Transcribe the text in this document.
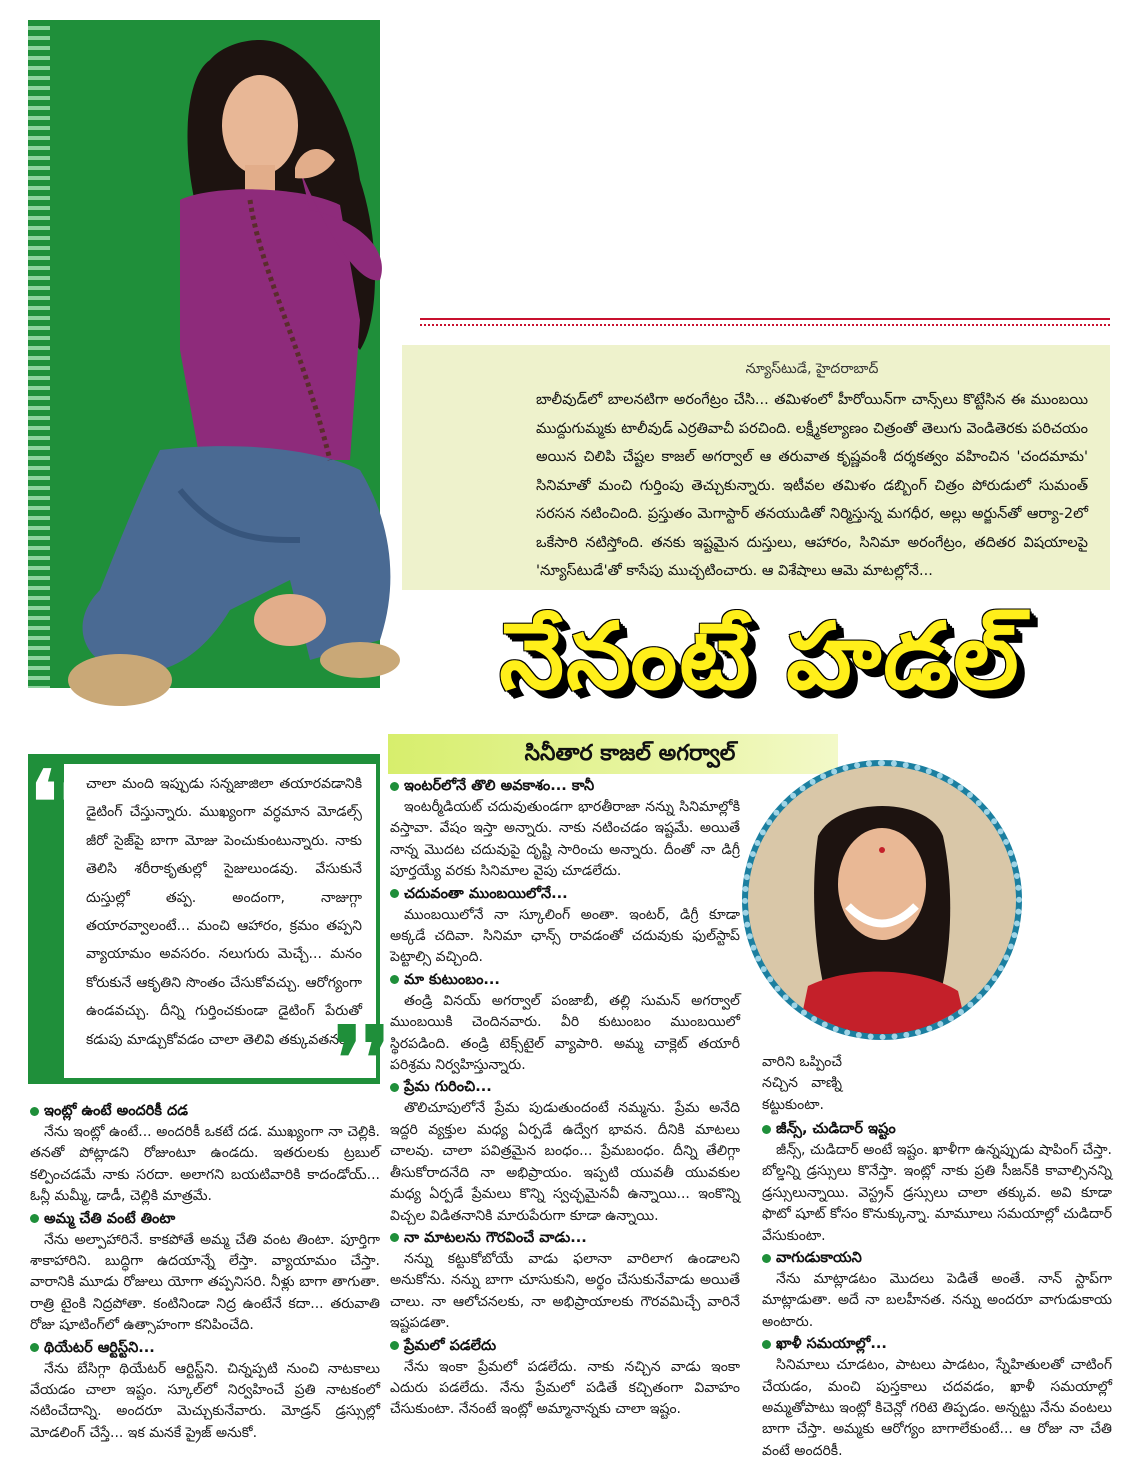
న్యూస్‌టుడే, హైదరాబాద్
బాలీవుడ్‌లో బాలనటిగా అరంగేట్రం చేసి... తమిళంలో హీరోయిన్‌గా చాన్స్‌లు కొట్టేసిన ఈ ముంబయి ముద్దుగుమ్మకు టాలీవుడ్ ఎర్రతివాచీ పరచింది. లక్ష్మీకల్యాణం చిత్రంతో తెలుగు వెండితెరకు పరిచయం అయిన చిలిపి చేష్టల కాజల్ అగర్వాల్ ఆ తరువాత కృష్ణవంశీ దర్శకత్వం వహించిన 'చందమామ' సినిమాతో మంచి గుర్తింపు తెచ్చుకున్నారు. ఇటీవల తమిళం డబ్బింగ్ చిత్రం పోరుడులో సుమంత్ సరసన నటించింది. ప్రస్తుతం మెగాస్టార్ తనయుడితో నిర్మిస్తున్న మగధీర, అల్లు అర్జున్‌తో ఆర్యా-2లో ఒకేసారి నటిస్తోంది. తనకు ఇష్టమైన దుస్తులు, ఆహారం, సినిమా అరంగేట్రం, తదితర విషయాలపై 'న్యూస్‌టుడే'తో కాసేపు ముచ్చటించారు. ఆ విశేషాలు ఆమె మాటల్లోనే...
నేనంటే హడల్
సినీతార కాజల్ అగర్వాల్
చాలా మంది ఇప్పుడు సన్నజాజిలా తయారవడానికి డైటింగ్ చేస్తున్నారు. ముఖ్యంగా వర్ధమాన మోడల్స్ జీరో సైజ్‌పై బాగా మోజు పెంచుకుంటున్నారు. నాకు తెలిసి శరీరాకృతుల్లో సైజులుండవు. వేసుకునే దుస్తుల్లో తప్ప. అందంగా, నాజుగ్గా తయారవ్వాలంటే... మంచి ఆహారం, క్రమం తప్పని వ్యాయామం అవసరం. నలుగురు మెచ్చే... మనం కోరుకునే ఆకృతిని సొంతం చేసుకోవచ్చు. ఆరోగ్యంగా ఉండవచ్చు. దీన్ని గుర్తించకుండా డైటింగ్ పేరుతో కడుపు మాడ్చుకోవడం చాలా తెలివి తక్కువతనం.
❛❛
❜❜
ఇంటర్‌లోనే తొలి అవకాశం... కానీ
ఇంటర్మీడియట్ చదువుతుండగా భారతీరాజా నన్ను సినిమాల్లోకి వస్తావా. వేషం ఇస్తా అన్నారు. నాకు నటించడం ఇష్టమే. అయితే నాన్న మొదట చదువుపై దృష్టి సారించు అన్నారు. దీంతో నా డిగ్రీ పూర్తయ్యే వరకు సినిమాల వైపు చూడలేదు.
చదువంతా ముంబయిలోనే...
ముంబయిలోనే నా స్కూలింగ్ అంతా. ఇంటర్, డిగ్రీ కూడా అక్కడే చదివా. సినిమా ఛాన్స్ రావడంతో చదువుకు ఫుల్‌స్టాప్ పెట్టాల్సి వచ్చింది.
మా కుటుంబం...
తండ్రి వినయ్ అగర్వాల్ పంజాబీ, తల్లి సుమన్ అగర్వాల్ ముంబయికి చెందినవారు. వీరి కుటుంబం ముంబయిలో స్థిరపడింది. తండ్రి టెక్స్‌టైల్ వ్యాపారి. అమ్మ చాక్లెట్ తయారీ పరిశ్రమ నిర్వహిస్తున్నారు.
ప్రేమ గురించి...
తొలిచూపులోనే ప్రేమ పుడుతుందంటే నమ్మను. ప్రేమ అనేది ఇద్దరి వ్యక్తుల మధ్య ఏర్పడే ఉద్వేగ భావన. దీనికి మాటలు చాలవు. చాలా పవిత్రమైన బంధం... ప్రేమబంధం. దీన్ని తేలిగ్గా తీసుకోరాదనేది నా అభిప్రాయం. ఇప్పటి యువతీ యువకుల మధ్య ఏర్పడే ప్రేమలు కొన్ని స్వచ్ఛమైనవీ ఉన్నాయి... ఇంకొన్ని విచ్చల విడితనానికి మారుపేరుగా కూడా ఉన్నాయి.
నా మాటలను గౌరవించే వాడు...
నన్ను కట్టుకోబోయే వాడు ఫలానా వారిలాగ ఉండాలని అనుకోను. నన్ను బాగా చూసుకుని, అర్థం చేసుకునేవాడు అయితే చాలు. నా ఆలోచనలకు, నా అభిప్రాయాలకు గౌరవమిచ్చే వారినే ఇష్టపడతా.
ప్రేమలో పడలేదు
నేను ఇంకా ప్రేమలో పడలేదు. నాకు నచ్చిన వాడు ఇంకా ఎదురు పడలేదు. నేను ప్రేమలో పడితే కచ్చితంగా వివాహం చేసుకుంటా. నేనంటే ఇంట్లో అమ్మానాన్నకు చాలా ఇష్టం.
ఇంట్లో ఉంటే అందరికీ దడ
నేను ఇంట్లో ఉంటే... అందరికీ ఒకటే దడ. ముఖ్యంగా నా చెల్లికి. తనతో పోట్లాడని రోజుంటూ ఉండదు. ఇతరులకు ట్రబుల్ కల్పించడమే నాకు సరదా. అలాగని బయటివారికి కాదండోయ్... ఓన్లీ మమ్మీ, డాడీ, చెల్లికి మాత్రమే.
అమ్మ చేతి వంటే తింటా
నేను అల్పాహారినే. కాకపోతే అమ్మ చేతి వంట తింటా. పూర్తిగా శాకాహారిని. బుద్ధిగా ఉదయాన్నే లేస్తా. వ్యాయామం చేస్తా. వారానికి మూడు రోజులు యోగా తప్పనిసరి. నీళ్లు బాగా తాగుతా. రాత్రి టైంకి నిద్రపోతా. కంటినిండా నిద్ర ఉంటేనే కదా... తరువాతి రోజు షూటింగ్‌లో ఉత్సాహంగా కనిపించేది.
థియేటర్ ఆర్టిస్ట్‌ని...
నేను బేసిగ్గా థియేటర్ ఆర్టిస్ట్‌ని. చిన్నప్పటి నుంచి నాటకాలు వేయడం చాలా ఇష్టం. స్కూల్‌లో నిర్వహించే ప్రతి నాటకంలో నటించేదాన్ని. అందరూ మెచ్చుకునేవారు. మోడ్రన్ డ్రస్సుల్లో మోడలింగ్ చేస్తే... ఇక మనకే ప్రైజ్ అనుకో.
వారిని ఒప్పించే నచ్చిన వాణ్ని కట్టుకుంటా.
జీన్స్, చుడిదార్ ఇష్టం
జీన్స్, చుడిదార్ అంటే ఇష్టం. ఖాళీగా ఉన్నప్పుడు షాపింగ్ చేస్తా. బోల్డన్ని డ్రస్సులు కొనేస్తా. ఇంట్లో నాకు ప్రతి సీజన్‌కి కావాల్సినన్ని డ్రస్సులున్నాయి. వెస్ట్రన్ డ్రస్సులు చాలా తక్కువ. అవి కూడా ఫొటో షూట్ కోసం కొనుక్కున్నా. మామూలు సమయాల్లో చుడిదార్ వేసుకుంటా.
వాగుడుకాయని
నేను మాట్లాడటం మొదలు పెడితే అంతే. నాన్ స్టాప్‌గా మాట్లాడుతా. అదే నా బలహీనత. నన్ను అందరూ వాగుడుకాయ అంటారు.
ఖాళీ సమయాల్లో...
సినిమాలు చూడటం, పాటలు పాడటం, స్నేహితులతో చాటింగ్ చేయడం, మంచి పుస్తకాలు చదవడం, ఖాళీ సమయాల్లో అమ్మతోపాటు ఇంట్లో కిచెన్లో గరిటె తిప్పడం. అన్నట్టు నేను వంటలు బాగా చేస్తా. అమ్మకు ఆరోగ్యం బాగాలేకుంటే... ఆ రోజు నా చేతి వంటే అందరికీ.
